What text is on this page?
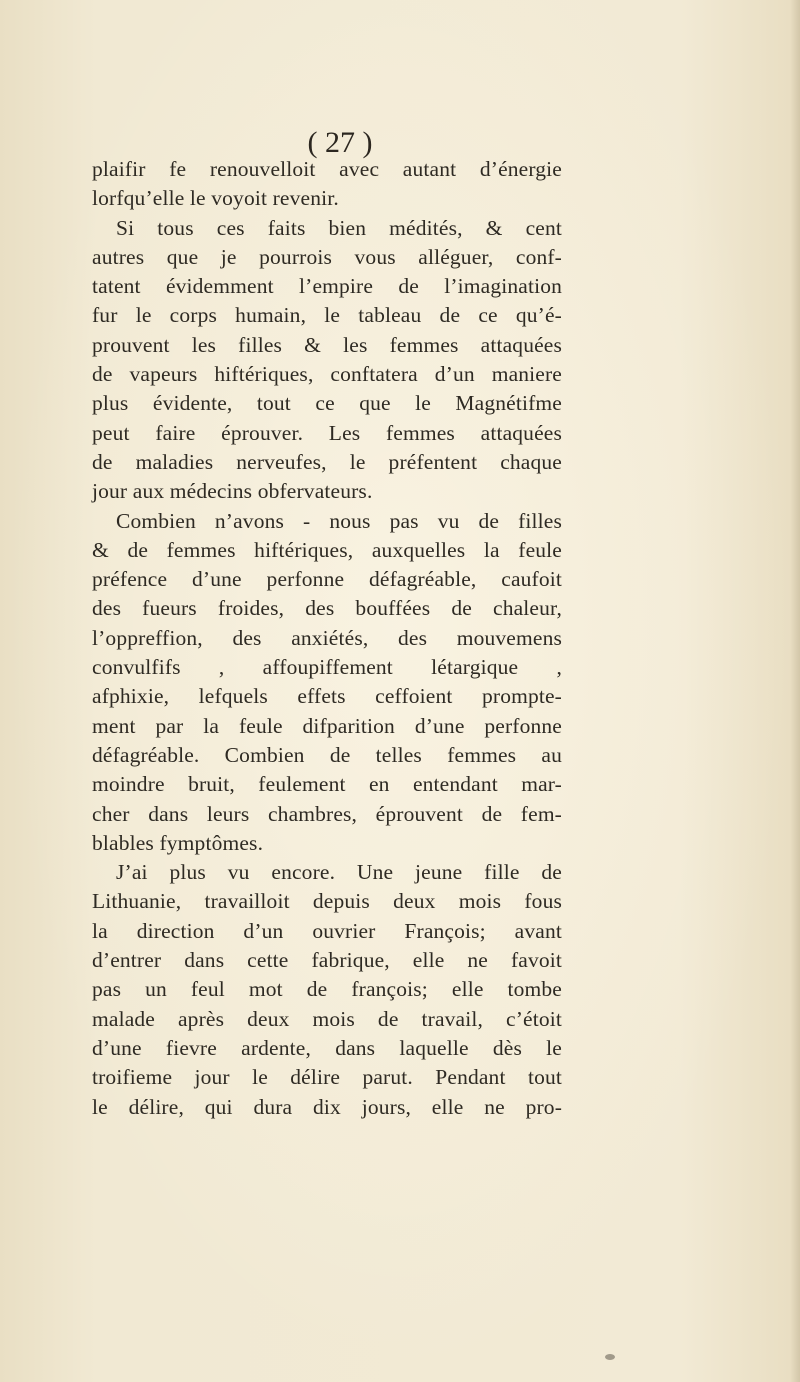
( 27 )
plaifir fe renouvelloit avec autant d’énergie
lorfqu’elle le voyoit revenir.
Si tous ces faits bien médités, & cent
autres que je pourrois vous alléguer, conf-
tatent évidemment l’empire de l’imagination
fur le corps humain, le tableau de ce qu’é-
prouvent les filles & les femmes attaquées
de vapeurs hiftériques, conftatera d’un maniere
plus évidente, tout ce que le Magnétifme
peut faire éprouver. Les femmes attaquées
de maladies nerveufes, le préfentent chaque
jour aux médecins obfervateurs.
Combien n’avons - nous pas vu de filles
& de femmes hiftériques, auxquelles la feule
préfence d’une perfonne défagréable, caufoit
des fueurs froides, des bouffées de chaleur,
l’oppreffion, des anxiétés, des mouvemens
convulfifs , affoupiffement létargique ,
afphixie, lefquels effets ceffoient prompte-
ment par la feule difparition d’une perfonne
défagréable. Combien de telles femmes au
moindre bruit, feulement en entendant mar-
cher dans leurs chambres, éprouvent de fem-
blables fymptômes.
J’ai plus vu encore. Une jeune fille de
Lithuanie, travailloit depuis deux mois fous
la direction d’un ouvrier François; avant
d’entrer dans cette fabrique, elle ne favoit
pas un feul mot de françois; elle tombe
malade après deux mois de travail, c’étoit
d’une fievre ardente, dans laquelle dès le
troifieme jour le délire parut. Pendant tout
le délire, qui dura dix jours, elle ne pro-
